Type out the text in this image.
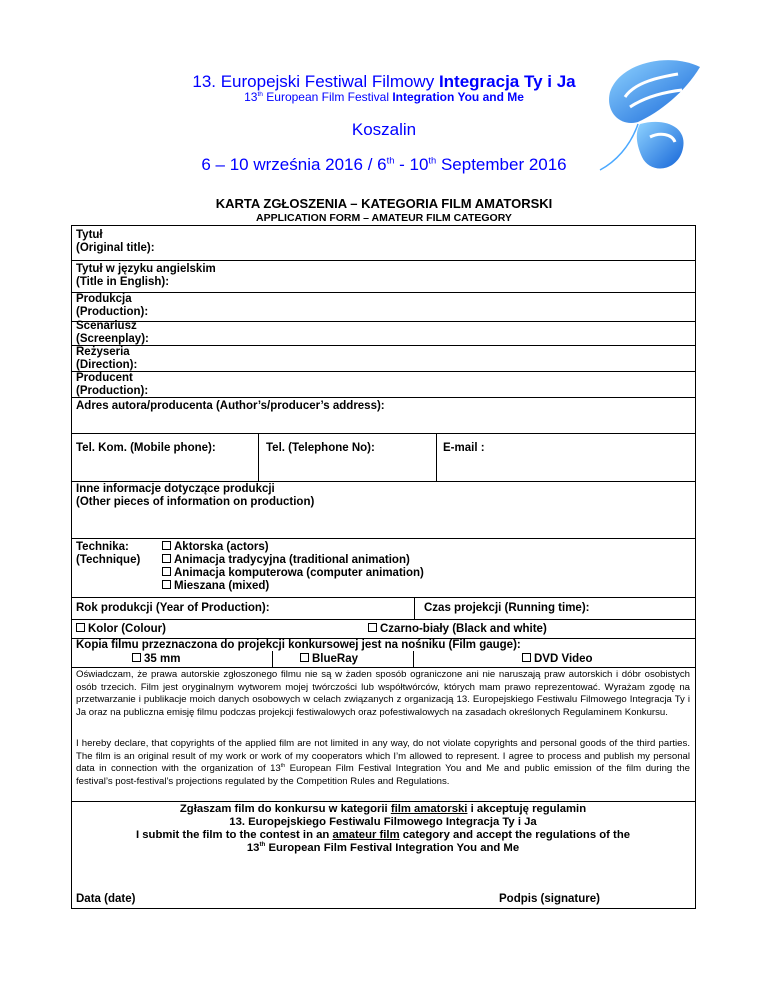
13. Europejski Festiwal Filmowy Integracja Ty i Ja
13th European Film Festival Integration You and Me
Koszalin
6 – 10 września 2016 / 6th - 10th September 2016
KARTA ZGŁOSZENIA – KATEGORIA FILM AMATORSKI
APPLICATION FORM – AMATEUR FILM CATEGORY
Tytuł
(Original title):
Tytuł w języku angielskim
(Title in English):
Produkcja
(Production):
Scenariusz
(Screenplay):
Reżyseria
(Direction):
Producent
(Production):
Adres autora/producenta (Author’s/producer’s address):
Tel. Kom. (Mobile phone):	Tel. (Telephone No):	E-mail :
Inne informacje dotyczące produkcji
(Other pieces of information on production)
Technika:
(Technique)
Aktorska (actors)
Animacja tradycyjna (traditional animation)
Animacja komputerowa (computer animation)
Mieszana (mixed)
Rok produkcji (Year of Production):	Czas projekcji (Running time):
Kolor (Colour)	Czarno-biały (Black and white)
Kopia filmu przeznaczona do projekcji konkursowej jest na nośniku (Film gauge):
35 mm	BlueRay	DVD Video
Oświadczam, że prawa autorskie zgłoszonego filmu nie są w żaden sposób ograniczone ani nie naruszają praw autorskich i dóbr osobistych osób trzecich. Film jest oryginalnym wytworem mojej twórczości lub współtwórców, których mam prawo reprezentować. Wyrażam zgodę na przetwarzanie i publikacje moich danych osobowych w celach związanych z organizacją 13. Europejskiego Festiwalu Filmowego Integracja Ty i Ja oraz na publiczna emisję filmu podczas projekcji festiwalowych oraz pofestiwalowych na zasadach określonych Regulaminem Konkursu.
I hereby declare, that copyrights of the applied film are not limited in any way, do not violate copyrights and personal goods of the third parties. The film is an original result of my work or work of my cooperators which I’m allowed to represent. I agree to process and publish my personal data in connection with the organization of 13th European Film Festival Integration You and Me and public emission of the film during the festival’s post-festival’s projections regulated by the Competition Rules and Regulations.
Zgłaszam film do konkursu w kategorii film amatorski i akceptuję regulamin
13. Europejskiego Festiwalu Filmowego Integracja Ty i Ja
I submit the film to the contest in an amateur film category and accept the regulations of the
13th European Film Festival Integration You and Me
Data (date)	Podpis (signature)
